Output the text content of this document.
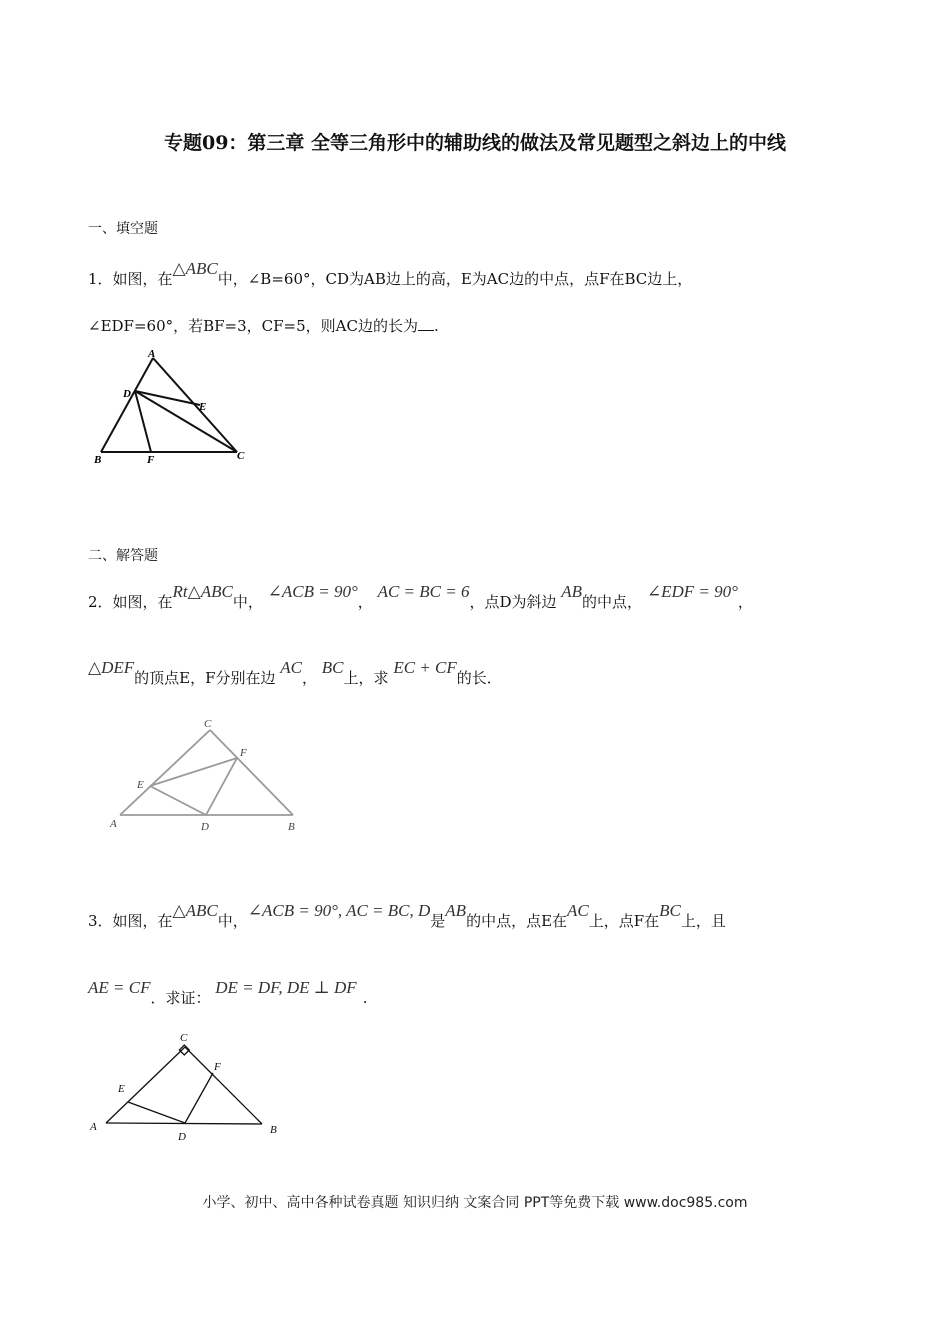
专题09：第三章 全等三角形中的辅助线的做法及常见题型之斜边上的中线
一、填空题
1．如图，在△ABC中，∠B=60°，CD为AB边上的高，E为AC边的中点，点F在BC边上，
∠EDF=60°，若BF=3，CF=5，则AC边的长为 .
A
D
E
B	F	C
二、解答题
2．如图，在Rt△ABC中， ∠ACB = 90°， AC = BC = 6，点D为斜边 AB的中点， ∠EDF = 90°，
△DEF的顶点E，F分别在边 AC， BC上，求 EC + CF的长．
C
F
E
A	D	B
3．如图，在△ABC中，∠ACB = 90°, AC = BC, D是AB的中点，点E在AC上，点F在BC上，且
AE = CF．求证： DE = DF, DE ⊥ DF.
C
F
E
A
D
B
小学、初中、高中各种试卷真题 知识归纳 文案合同 PPT等免费下载 www.doc985.com
